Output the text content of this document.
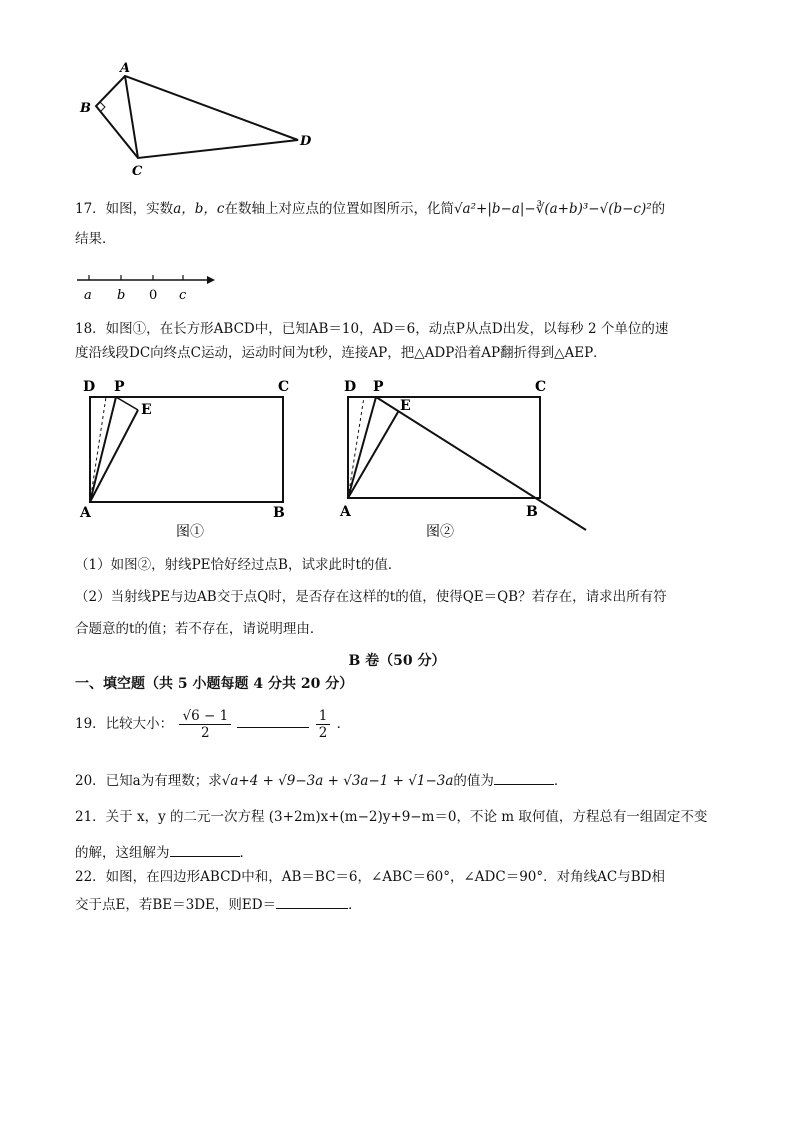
A
B
C
D
17．如图，实数a，b，c在数轴上对应点的位置如图所示，化简√a²+|b−a|−∛(a+b)³−√(b−c)²的
结果．
a b 0 c
18．如图①，在长方形ABCD中，已知AB＝10，AD＝6，动点P从点D出发，以每秒 2 个单位的速
度沿线段DC向终点C运动，运动时间为t秒，连接AP，把△ADP沿着AP翻折得到△AEP．
D P	C
E
A	B
图①
D P	C
E
A	B
图②
（1）如图②，射线PE恰好经过点B，试求此时t的值．
（2）当射线PE与边AB交于点Q时，是否存在这样的t的值，使得QE＝QB？若存在，请求出所有符
合题意的t的值；若不存在，请说明理由．
B 卷（50 分）
一、填空题（共 5 小题每题 4 分共 20 分）
19．比较大小： $\frac{√6 - 1}{2}$
	$\frac{1}{2}$ ．
20．已知a为有理数；求√a+4 + √9−3a + √3a−1 + √1−3a的值为	．
21．关于 x，y 的二元一次方程 (3+2m)x+(m−2)y+9−m＝0，不论 m 取何值，方程总有一组固定不变
的解，这组解为	．
22．如图，在四边形ABCD中和，AB＝BC＝6，∠ABC＝60°，∠ADC＝90°．对角线AC与BD相
交于点E，若BE＝3DE，则ED＝	．
